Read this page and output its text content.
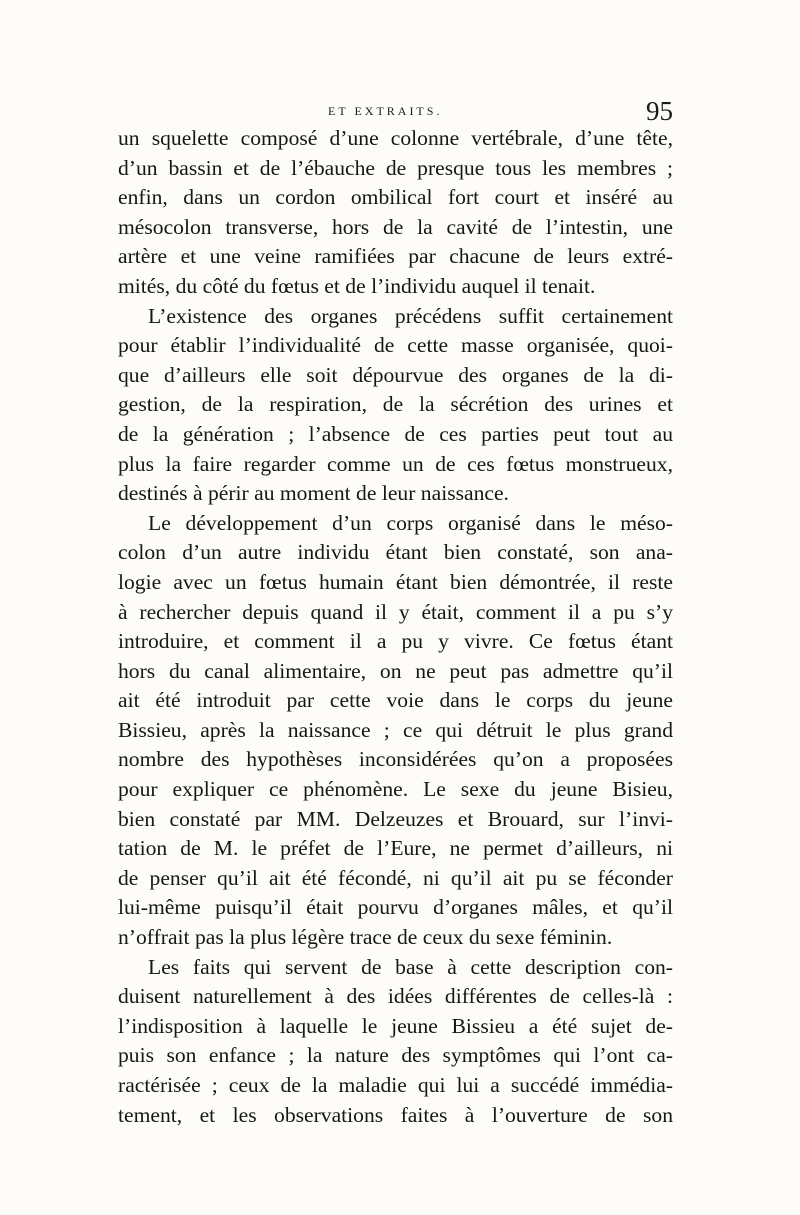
ET EXTRAITS.	95
un squelette composé d’une colonne vertébrale, d’une tête,
d’un bassin et de l’ébauche de presque tous les membres ;
enfin, dans un cordon ombilical fort court et inséré au
mésocolon transverse, hors de la cavité de l’intestin, une
artère et une veine ramifiées par chacune de leurs extré-
mités, du côté du fœtus et de l’individu auquel il tenait.
L’existence des organes précédens suffit certainement
pour établir l’individualité de cette masse organisée, quoi-
que d’ailleurs elle soit dépourvue des organes de la di-
gestion, de la respiration, de la sécrétion des urines et
de la génération ; l’absence de ces parties peut tout au
plus la faire regarder comme un de ces fœtus monstrueux,
destinés à périr au moment de leur naissance.
Le développement d’un corps organisé dans le méso-
colon d’un autre individu étant bien constaté, son ana-
logie avec un fœtus humain étant bien démontrée, il reste
à rechercher depuis quand il y était, comment il a pu s’y
introduire, et comment il a pu y vivre. Ce fœtus étant
hors du canal alimentaire, on ne peut pas admettre qu’il
ait été introduit par cette voie dans le corps du jeune
Bissieu, après la naissance ; ce qui détruit le plus grand
nombre des hypothèses inconsidérées qu’on a proposées
pour expliquer ce phénomène. Le sexe du jeune Bisieu,
bien constaté par MM. Delzeuzes et Brouard, sur l’invi-
tation de M. le préfet de l’Eure, ne permet d’ailleurs, ni
de penser qu’il ait été fécondé, ni qu’il ait pu se féconder
lui-même puisqu’il était pourvu d’organes mâles, et qu’il
n’offrait pas la plus légère trace de ceux du sexe féminin.
Les faits qui servent de base à cette description con-
duisent naturellement à des idées différentes de celles-là :
l’indisposition à laquelle le jeune Bissieu a été sujet de-
puis son enfance ; la nature des symptômes qui l’ont ca-
ractérisée ; ceux de la maladie qui lui a succédé immédia-
tement, et les observations faites à l’ouverture de son
